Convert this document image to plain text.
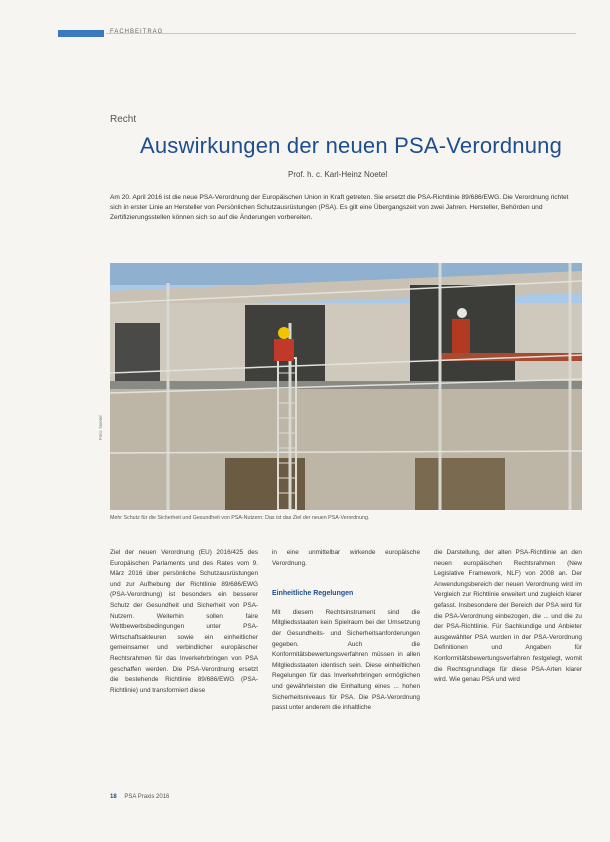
FACHBEITRAG
Recht
Auswirkungen der neuen PSA-Verordnung
Prof. h. c. Karl-Heinz Noetel
Am 20. April 2016 ist die neue PSA-Verordnung der Europäischen Union in Kraft getreten. Sie ersetzt die PSA-Richtlinie 89/686/EWG. Die Verordnung richtet sich in erster Linie an Hersteller von Persönlichen Schutzausrüstungen (PSA). Es gilt eine Übergangszeit von zwei Jahren. Hersteller, Behörden und Zertifizierungsstellen können sich so auf die Änderungen vorbereiten.
Foto: Noetel
Mehr Schutz für die Sicherheit und Gesundheit von PSA-Nutzern: Das ist das Ziel der neuen PSA-Verordnung.
Ziel der neuen Verordnung (EU) 2016/425 des Europäischen Parlaments und des Rates vom 9. März 2016 über persönliche Schutzausrüstungen und zur Aufhebung der Richtlinie 89/686/EWG (PSA-Verordnung) ist besonders ein besserer Schutz der Gesundheit und Sicherheit von PSA-Nutzern. Weiterhin sollen faire Wettbewerbsbedingungen unter PSA-Wirtschaftsakteuren sowie ein einheitlicher gemeinsamer und verbindlicher europäischer Rechtsrahmen für das Inverkehrbringen von PSA geschaffen werden. Die PSA-Verordnung ersetzt die bestehende Richtlinie 89/686/EWG (PSA-Richtlinie) und transformiert diese
in eine unmittelbar wirkende europäische Verordnung.
Einheitliche Regelungen
Mit diesem Rechtsinstrument sind die Mitgliedsstaaten kein Spielraum bei der Umsetzung der Gesundheits- und Sicherheitsanforderungen gegeben. Auch die Konformitätsbewertungsverfahren müssen in allen Mitgliedsstaaten identisch sein. Diese einheitlichen Regelungen für das Inverkehrbringen ermöglichen und gewährleisten die Einhaltung eines ... hohen Sicherheitsniveaus für PSA. Die PSA-Verordnung passt unter anderem die inhaltliche
die Darstellung, der alten PSA-Richtlinie an den neuen europäischen Rechtsrahmen (New Legislative Framework, NLF) von 2008 an. Der Anwendungsbereich der neuen Verordnung wird im Vergleich zur Richtlinie erweitert und zugleich klarer gefasst. Insbesondere der Bereich der PSA wird für die PSA-Verordnung einbezogen, die ... und die zu der PSA-Richtlinie. Für Sachkundige und Anbieter ausgewählter PSA wurden in der PSA-Verordnung Definitionen und Angaben für Konformitätsbewertungsverfahren festgelegt, womit die Rechtsgrundlage für diese PSA-Arten klarer wird. Wie genau PSA und wird
18 PSA Praxis 2016
